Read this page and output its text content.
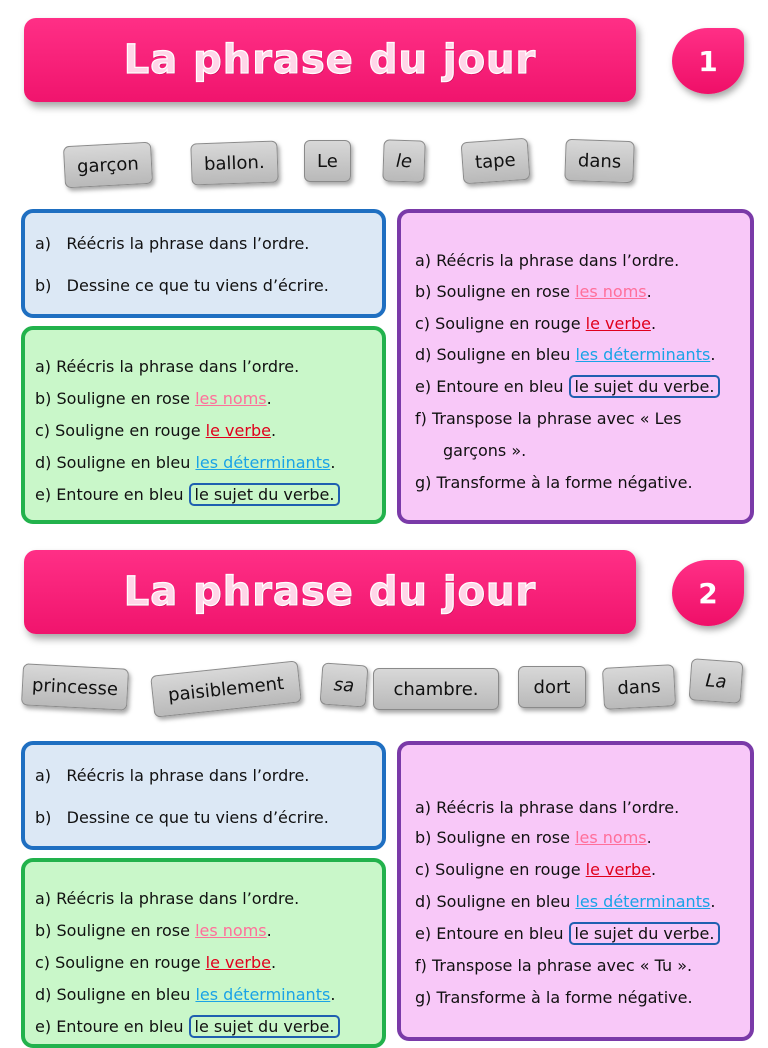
La phrase du jour	1
garçon	ballon.	Le	le	tape	dans
a) Réécris la phrase dans l’ordre.
b) Dessine ce que tu viens d’écrire.
a) Réécris la phrase dans l’ordre.
b) Souligne en rose les noms.
c) Souligne en rouge le verbe.
d) Souligne en bleu les déterminants.
e) Entoure en bleu le sujet du verbe.
a) Réécris la phrase dans l’ordre.
b) Souligne en rose les noms.
c) Souligne en rouge le verbe.
d) Souligne en bleu les déterminants.
e) Entoure en bleu le sujet du verbe.
f) Transpose la phrase avec « Les
garçons ».
g) Transforme à la forme négative.
La phrase du jour	2
princesse	paisiblement	sa	chambre.	dort	dans	La
a) Réécris la phrase dans l’ordre.
b) Dessine ce que tu viens d’écrire.
a) Réécris la phrase dans l’ordre.
b) Souligne en rose les noms.
c) Souligne en rouge le verbe.
d) Souligne en bleu les déterminants.
e) Entoure en bleu le sujet du verbe.
a) Réécris la phrase dans l’ordre.
b) Souligne en rose les noms.
c) Souligne en rouge le verbe.
d) Souligne en bleu les déterminants.
e) Entoure en bleu le sujet du verbe.
f) Transpose la phrase avec « Tu ».
g) Transforme à la forme négative.
